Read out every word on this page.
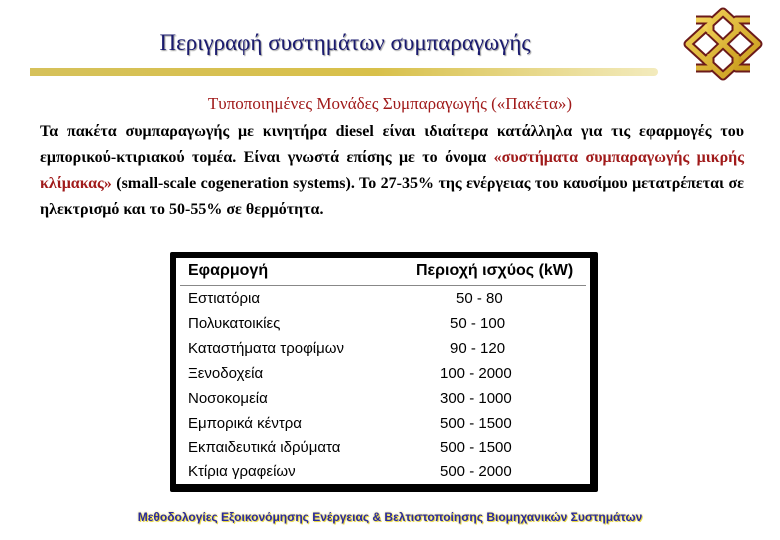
Περιγραφή συστημάτων συμπαραγωγής
Τυποποιημένες Μονάδες Συμπαραγωγής («Πακέτα»)

Τα πακέτα συμπαραγωγής με κινητήρα diesel είναι ιδιαίτερα κατάλληλα για τις εφαρμογές του εμπορικού-κτιριακού τομέα. Είναι γνωστά επίσης με το όνομα «συστήματα συμπαραγωγής μικρής κλίμακας» (small-scale cogeneration systems). Το 27-35% της ενέργειας του καυσίμου μετατρέπεται σε ηλεκτρισμό και το 50-55% σε θερμότητα.

Εφαρμογή	Περιοχή ισχύος (kW)
Εστιατόρια	50 - 80
Πολυκατοικίες	50 - 100
Καταστήματα τροφίμων	90 - 120
Ξενοδοχεία	100 - 2000
Νοσοκομεία	300 - 1000
Εμπορικά κέντρα	500 - 1500
Εκπαιδευτικά ιδρύματα	500 - 1500
Κτίρια γραφείων	500 - 2000
Μεθοδολογίες Εξοικονόμησης Ενέργειας & Βελτιστοποίησης Βιομηχανικών Συστημάτων
